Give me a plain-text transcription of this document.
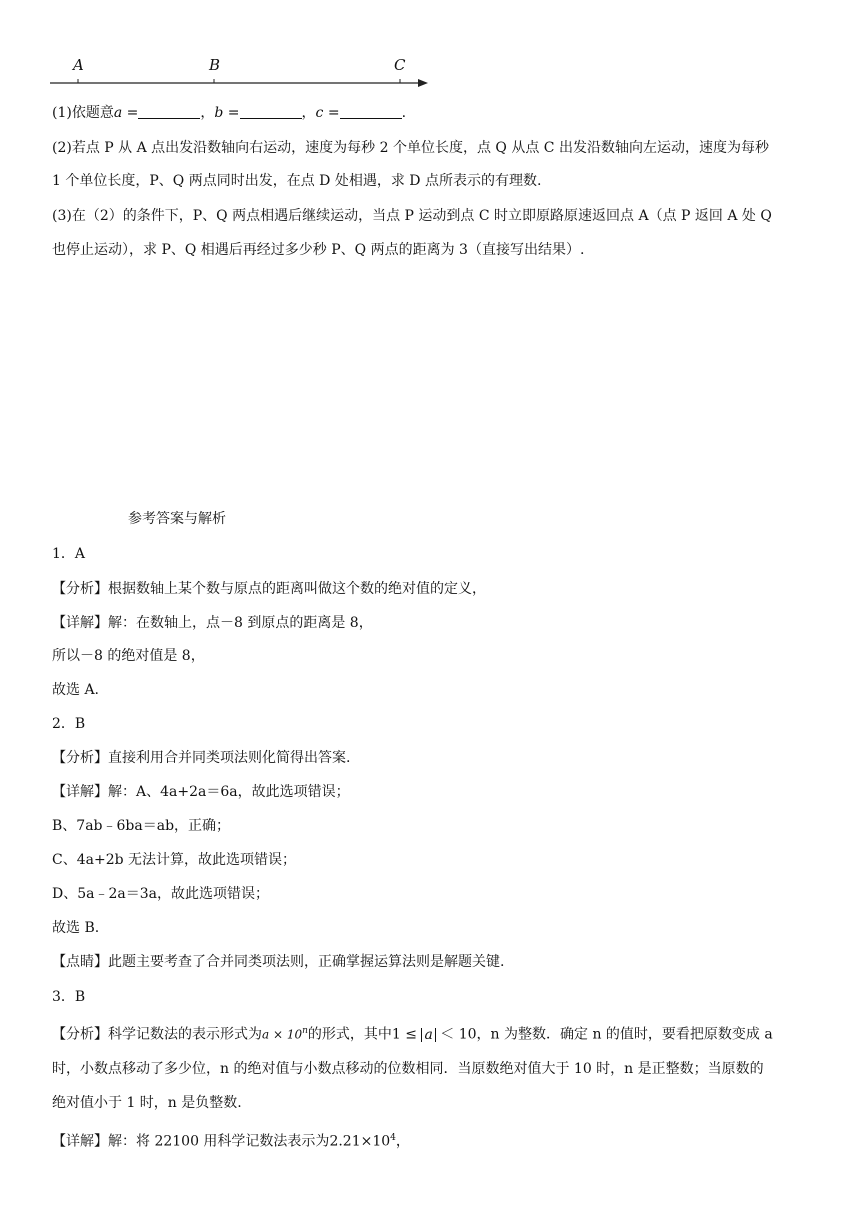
A	B	C
(1)依题意a =	，b =	，c =	.
(2)若点 P 从 A 点出发沿数轴向右运动，速度为每秒 2 个单位长度，点 Q 从点 C 出发沿数轴向左运动，速度为每秒
1 个单位长度，P、Q 两点同时出发，在点 D 处相遇，求 D 点所表示的有理数.
(3)在（2）的条件下，P、Q 两点相遇后继续运动，当点 P 运动到点 C 时立即原路原速返回点 A（点 P 返回 A 处 Q
也停止运动），求 P、Q 相遇后再经过多少秒 P、Q 两点的距离为 3（直接写出结果）.
参考答案与解析
1．A
【分析】根据数轴上某个数与原点的距离叫做这个数的绝对值的定义，
【详解】解：在数轴上，点－8 到原点的距离是 8，
所以－8 的绝对值是 8，
故选 A.
2．B
【分析】直接利用合并同类项法则化简得出答案.
【详解】解：A、4a+2a＝6a，故此选项错误；
B、7ab﹣6ba＝ab，正确；
C、4a+2b 无法计算，故此选项错误；
D、5a﹣2a＝3a，故此选项错误；
故选 B.
【点睛】此题主要考查了合并同类项法则，正确掌握运算法则是解题关键.
3．B
【分析】科学记数法的表示形式为$a \times 10^n$的形式，其中1 ≤ a ＜ 10，n 为整数．确定 n 的值时，要看把原数变成 a
时，小数点移动了多少位，n 的绝对值与小数点移动的位数相同．当原数绝对值大于 10 时，n 是正整数；当原数的
绝对值小于 1 时，n 是负整数.
【详解】解：将 22100 用科学记数法表示为$2.21\times 10^4$，
